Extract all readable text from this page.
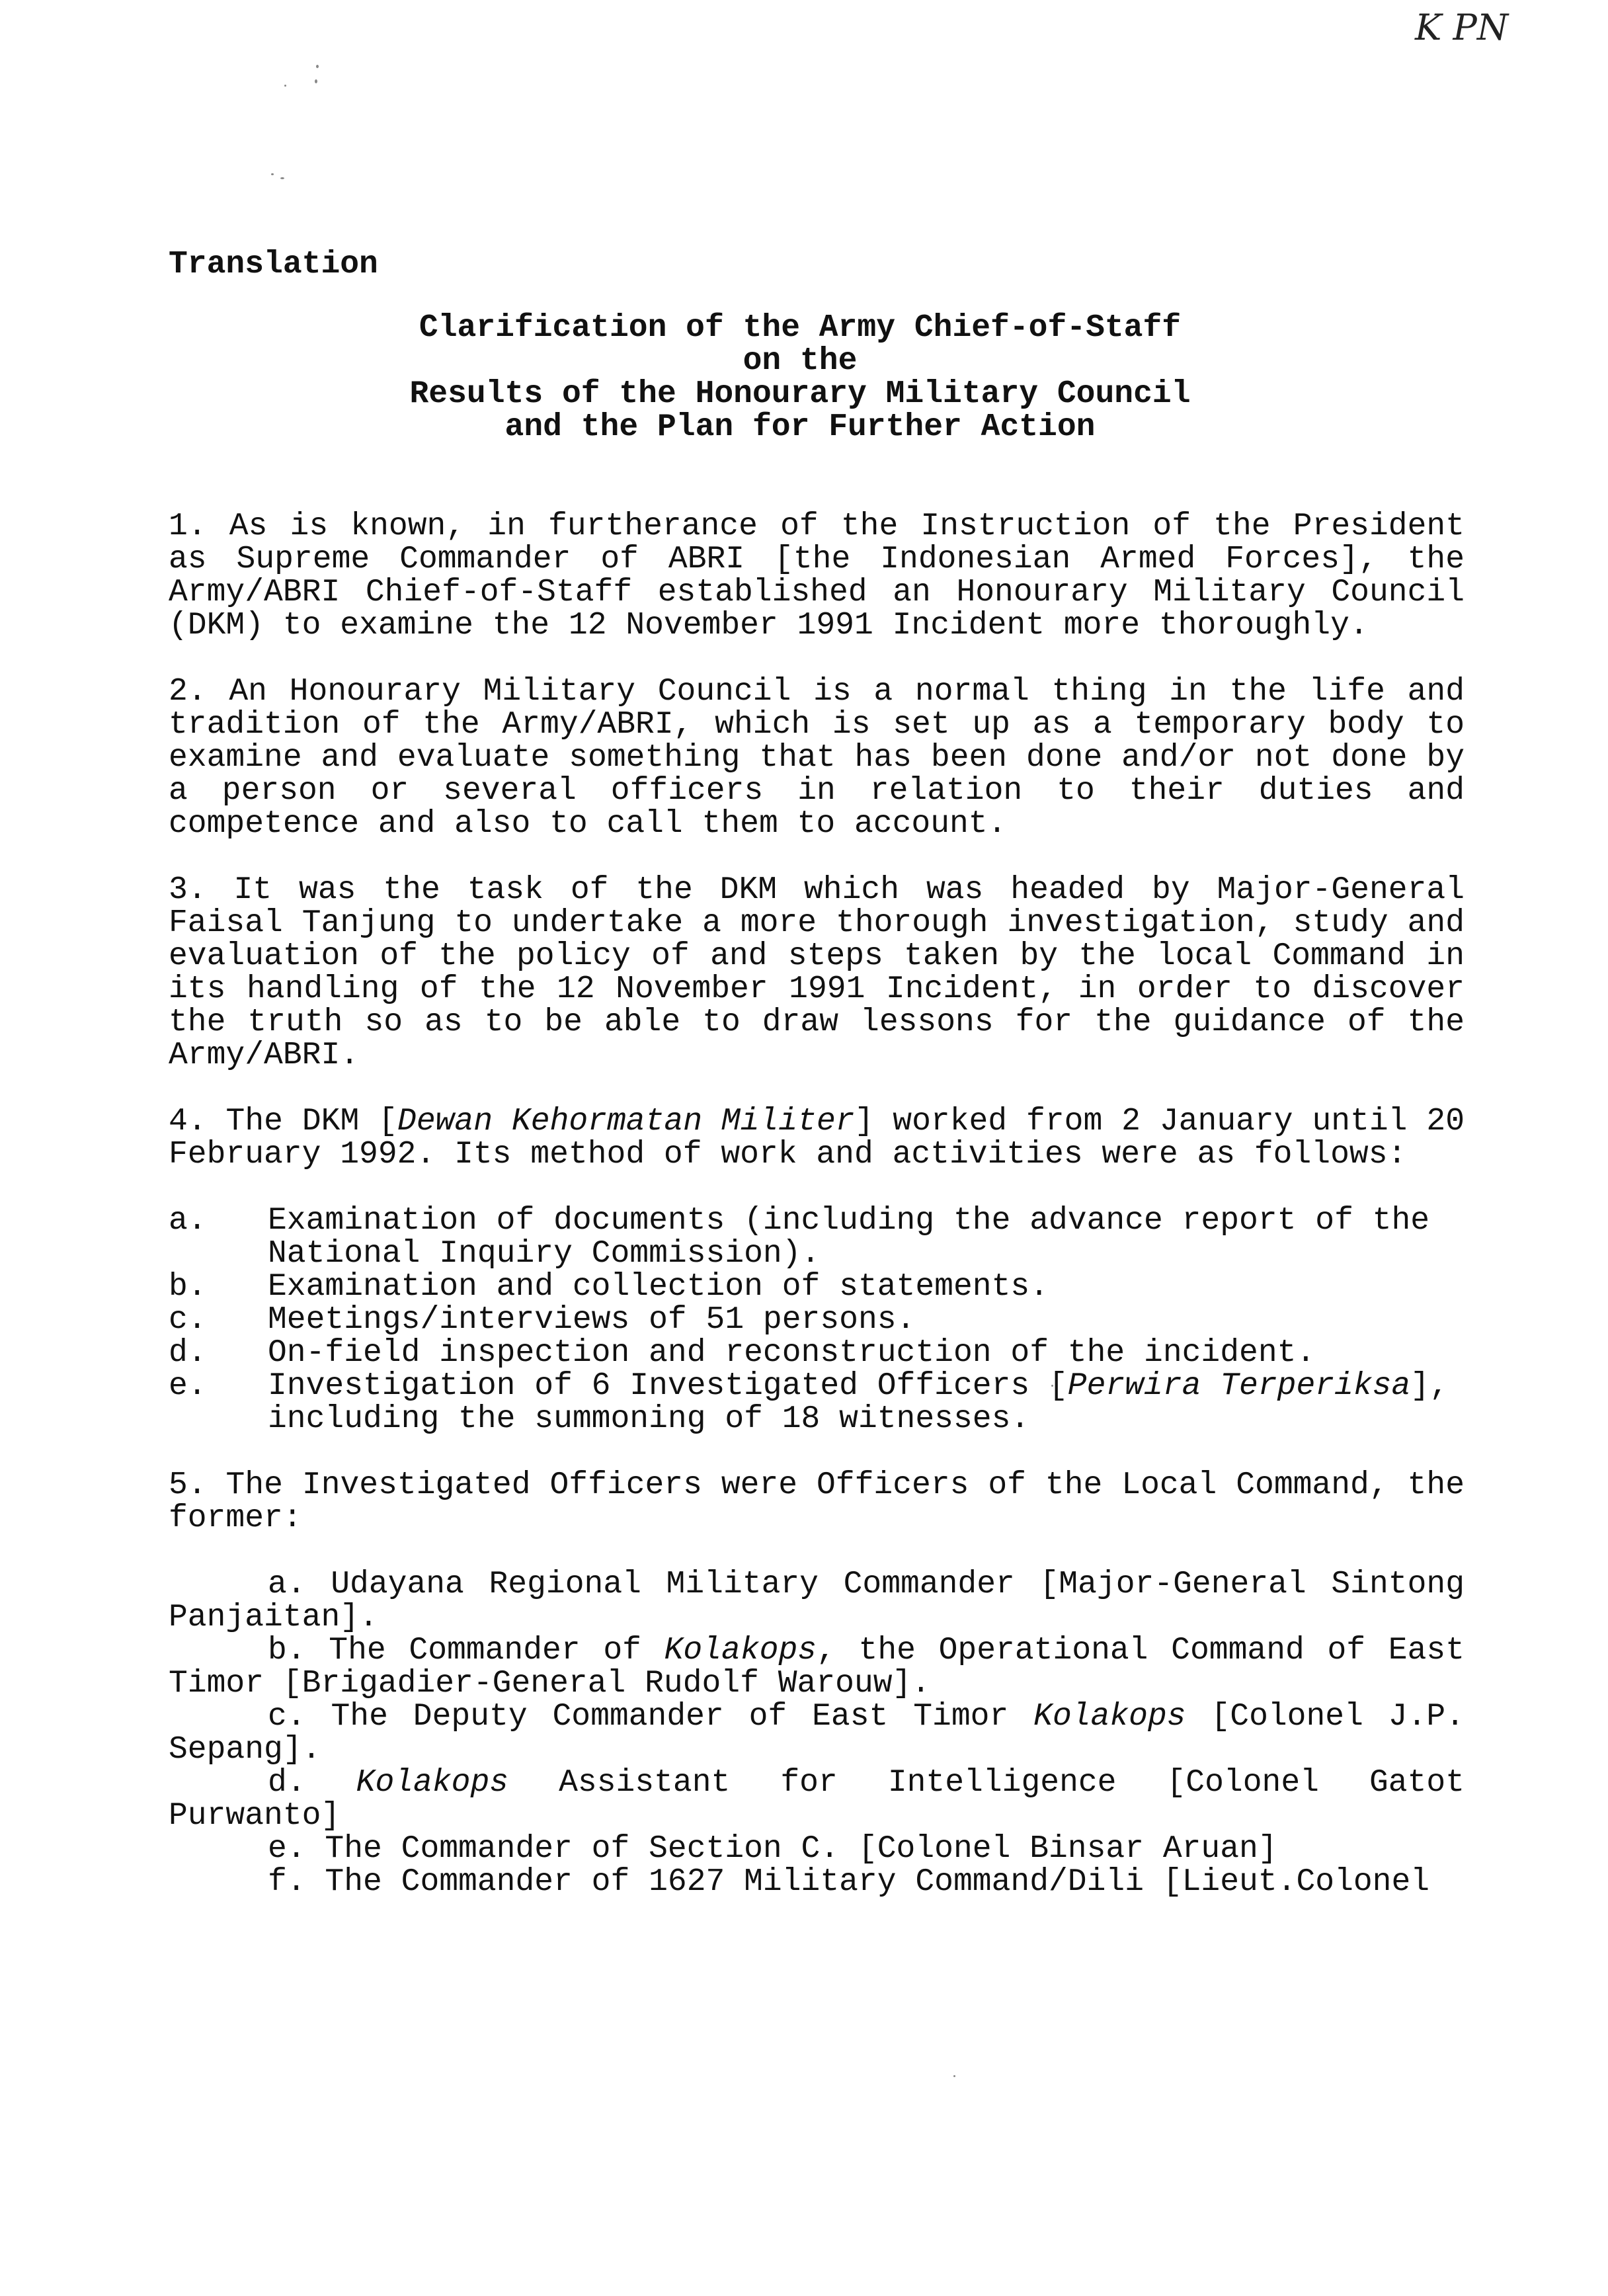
K PN

Translation

Clarification of the Army Chief-of-Staff
on the
Results of the Honourary Military Council
and the Plan for Further Action

1. As is known, in furtherance of the Instruction of the President as Supreme Commander of ABRI [the Indonesian Armed Forces], the Army/ABRI Chief-of-Staff established an Honourary Military Council (DKM) to examine the 12 November 1991 Incident more thoroughly.

2. An Honourary Military Council is a normal thing in the life and tradition of the Army/ABRI, which is set up as a temporary body to examine and evaluate something that has been done and/or not done by a person or several officers in relation to their duties and competence and also to call them to account.

3. It was the task of the DKM which was headed by Major-General Faisal Tanjung to undertake a more thorough investigation, study and evaluation of the policy of and steps taken by the local Command in its handling of the 12 November 1991 Incident, in order to discover the truth so as to be able to draw lessons for the guidance of the Army/ABRI.

4. The DKM [Dewan Kehormatan Militer] worked from 2 January until 20 February 1992. Its method of work and activities were as follows:

a.	Examination of documents (including the advance report of the National Inquiry Commission).
b.	Examination and collection of statements.
c.	Meetings/interviews of 51 persons.
d.	On-field inspection and reconstruction of the incident.
e.	Investigation of 6 Investigated Officers [Perwira Terperiksa], including the summoning of 18 witnesses.

5. The Investigated Officers were Officers of the Local Command, the former:

a. Udayana Regional Military Commander [Major-General Sintong Panjaitan].

b. The Commander of Kolakops, the Operational Command of East Timor [Brigadier-General Rudolf Warouw].

c. The Deputy Commander of East Timor Kolakops [Colonel J.P. Sepang].

d. Kolakops Assistant for Intelligence [Colonel Gatot Purwanto]

e. The Commander of Section C. [Colonel Binsar Aruan]

f. The Commander of 1627 Military Command/Dili [Lieut.Colonel
